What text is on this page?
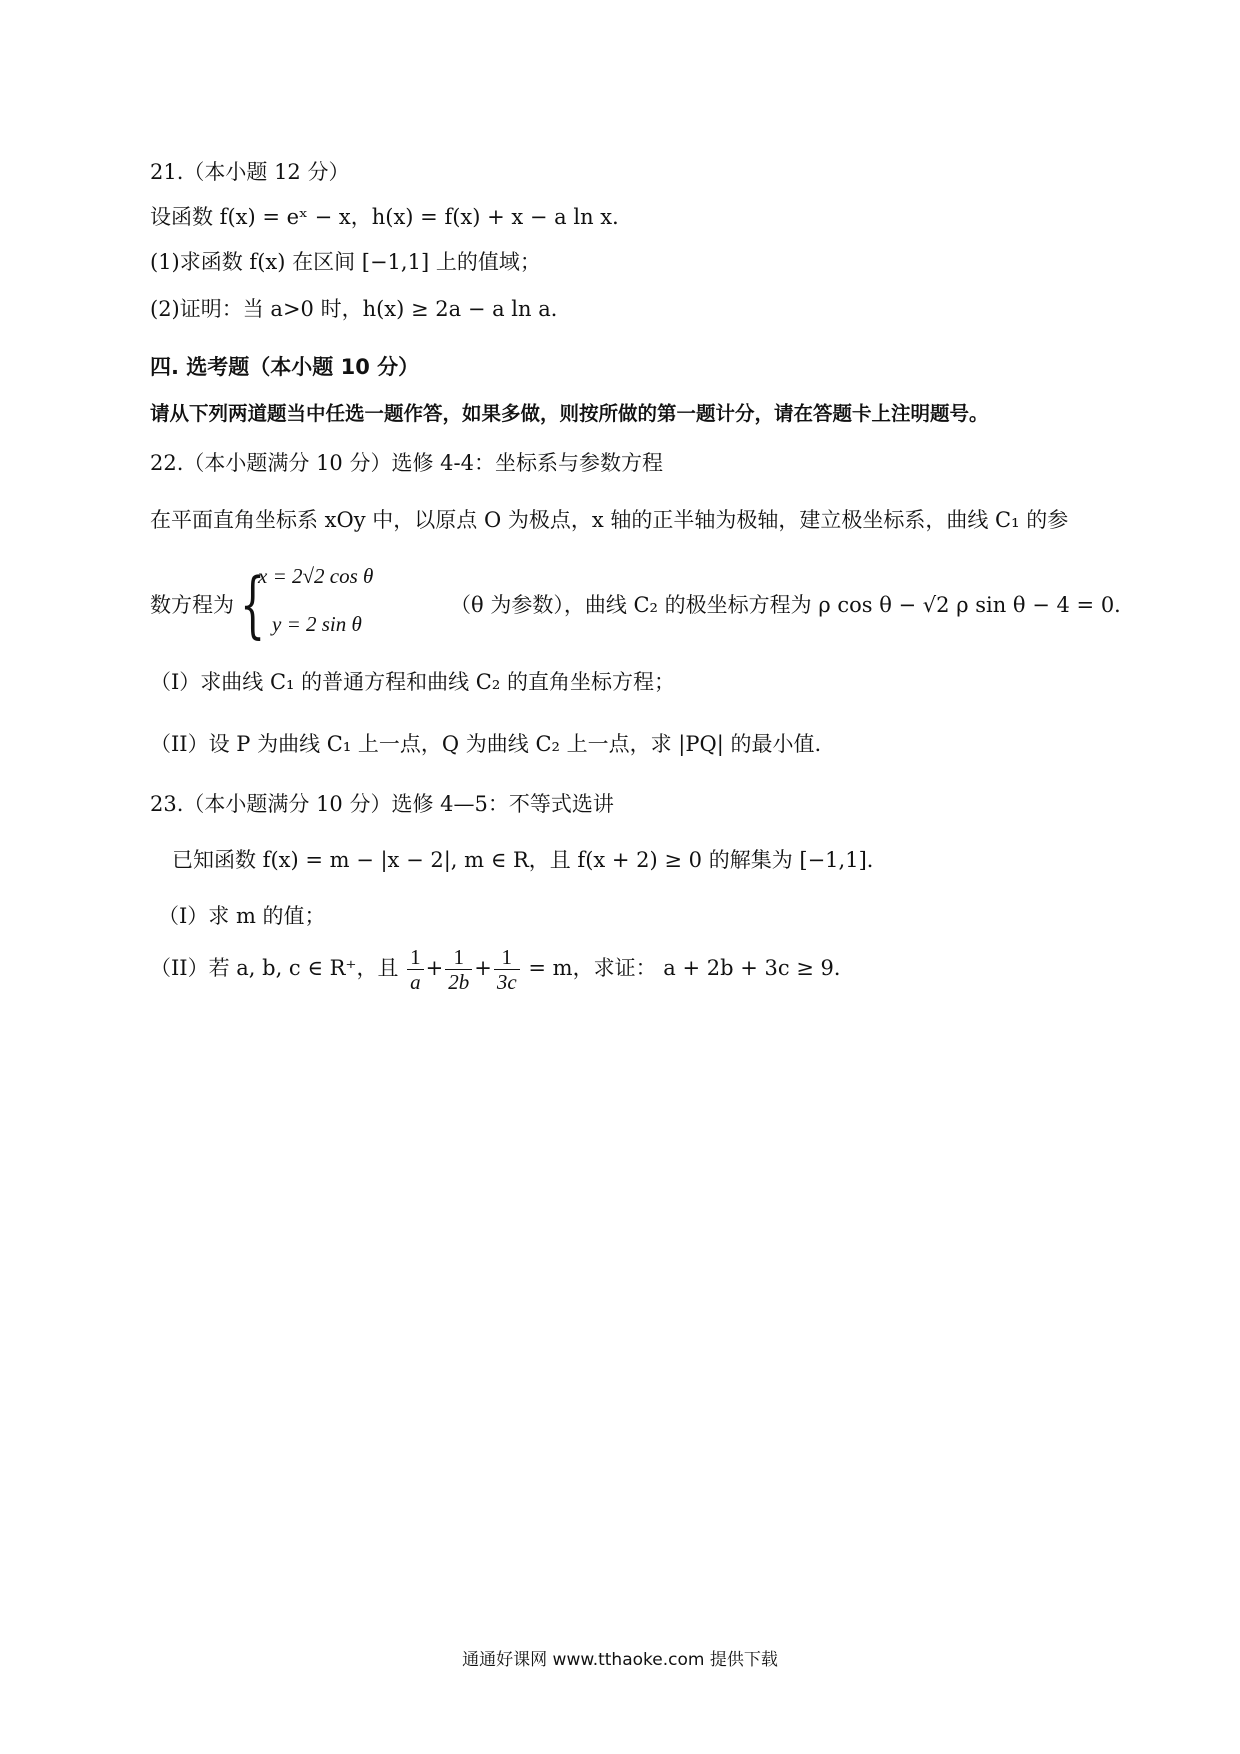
21.（本小题 12 分）
设函数 f(x) = eˣ − x，h(x) = f(x) + x − a ln x．
(1)求函数 f(x) 在区间 [−1,1] 上的值域；
(2)证明：当 a>0 时，h(x) ≥ 2a − a ln a．
四. 选考题（本小题 10 分）
请从下列两道题当中任选一题作答，如果多做，则按所做的第一题计分，请在答题卡上注明题号。
22.（本小题满分 10 分）选修 4-4：坐标系与参数方程
在平面直角坐标系 xOy 中，以原点 O 为极点，x 轴的正半轴为极轴，建立极坐标系，曲线 C₁ 的参
数方程为 {
x = 2√2 cos θ
y = 2 sin θ
（θ 为参数），曲线 C₂ 的极坐标方程为 ρ cos θ − √2 ρ sin θ − 4 = 0．
（I）求曲线 C₁ 的普通方程和曲线 C₂ 的直角坐标方程；
（II）设 P 为曲线 C₁ 上一点，Q 为曲线 C₂ 上一点，求 |PQ| 的最小值.
23.（本小题满分 10 分）选修 4—5：不等式选讲
已知函数 f(x) = m − |x − 2|, m ∈ R，且 f(x + 2) ≥ 0 的解集为 [−1,1]．
（I）求 m 的值；
（II）若 a, b, c ∈ R⁺，且 $\frac{1}{a} + \frac{1}{2b} + \frac{1}{3c} = m$，求证： a + 2b + 3c ≥ 9．
通通好课网 www.tthaoke.com 提供下载
